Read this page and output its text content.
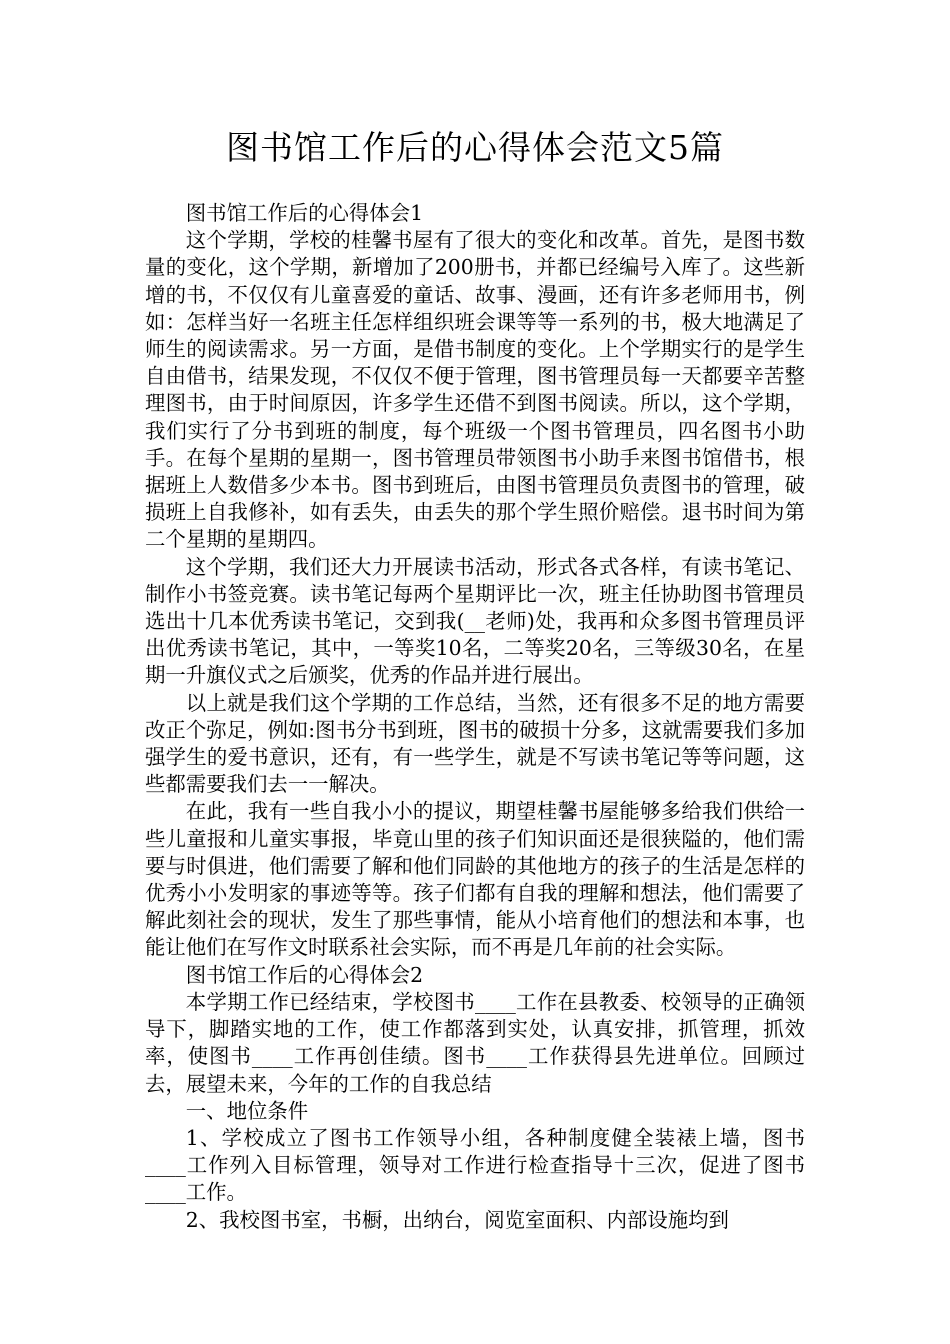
图书馆工作后的心得体会范文5篇

图书馆工作后的心得体会1

这个学期，学校的桂馨书屋有了很大的变化和改革。首先，是图书数量的变化，这个学期，新增加了200册书，并都已经编号入库了。这些新增的书，不仅仅有儿童喜爱的童话、故事、漫画，还有许多老师用书，例如：怎样当好一名班主任怎样组织班会课等等一系列的书，极大地满足了师生的阅读需求。另一方面，是借书制度的变化。上个学期实行的是学生自由借书，结果发现，不仅仅不便于管理，图书管理员每一天都要辛苦整理图书，由于时间原因，许多学生还借不到图书阅读。所以，这个学期，我们实行了分书到班的制度，每个班级一个图书管理员，四名图书小助手。在每个星期的星期一，图书管理员带领图书小助手来图书馆借书，根据班上人数借多少本书。图书到班后，由图书管理员负责图书的管理，破损班上自我修补，如有丢失，由丢失的那个学生照价赔偿。退书时间为第二个星期的星期四。

这个学期，我们还大力开展读书活动，形式各式各样，有读书笔记、制作小书签竞赛。读书笔记每两个星期评比一次，班主任协助图书管理员选出十几本优秀读书笔记，交到我(__老师)处，我再和众多图书管理员评出优秀读书笔记，其中，一等奖10名，二等奖20名，三等级30名，在星期一升旗仪式之后颁奖，优秀的作品并进行展出。

以上就是我们这个学期的工作总结，当然，还有很多不足的地方需要改正个弥足，例如:图书分书到班，图书的破损十分多，这就需要我们多加强学生的爱书意识，还有，有一些学生，就是不写读书笔记等等问题，这些都需要我们去一一解决。

在此，我有一些自我小小的提议，期望桂馨书屋能够多给我们供给一些儿童报和儿童实事报，毕竟山里的孩子们知识面还是很狭隘的，他们需要与时俱进，他们需要了解和他们同龄的其他地方的孩子的生活是怎样的优秀小小发明家的事迹等等。孩子们都有自我的理解和想法，他们需要了解此刻社会的现状，发生了那些事情，能从小培育他们的想法和本事，也能让他们在写作文时联系社会实际，而不再是几年前的社会实际。

图书馆工作后的心得体会2

本学期工作已经结束，学校图书____工作在县教委、校领导的正确领导下，脚踏实地的工作，使工作都落到实处，认真安排，抓管理，抓效率，使图书____工作再创佳绩。图书____工作获得县先进单位。回顾过去，展望未来，今年的工作的自我总结

一、地位条件

1、学校成立了图书工作领导小组，各种制度健全装裱上墙，图书____工作列入目标管理，领导对工作进行检查指导十三次，促进了图书____工作。

2、我校图书室，书橱，出纳台，阅览室面积、内部设施均到
